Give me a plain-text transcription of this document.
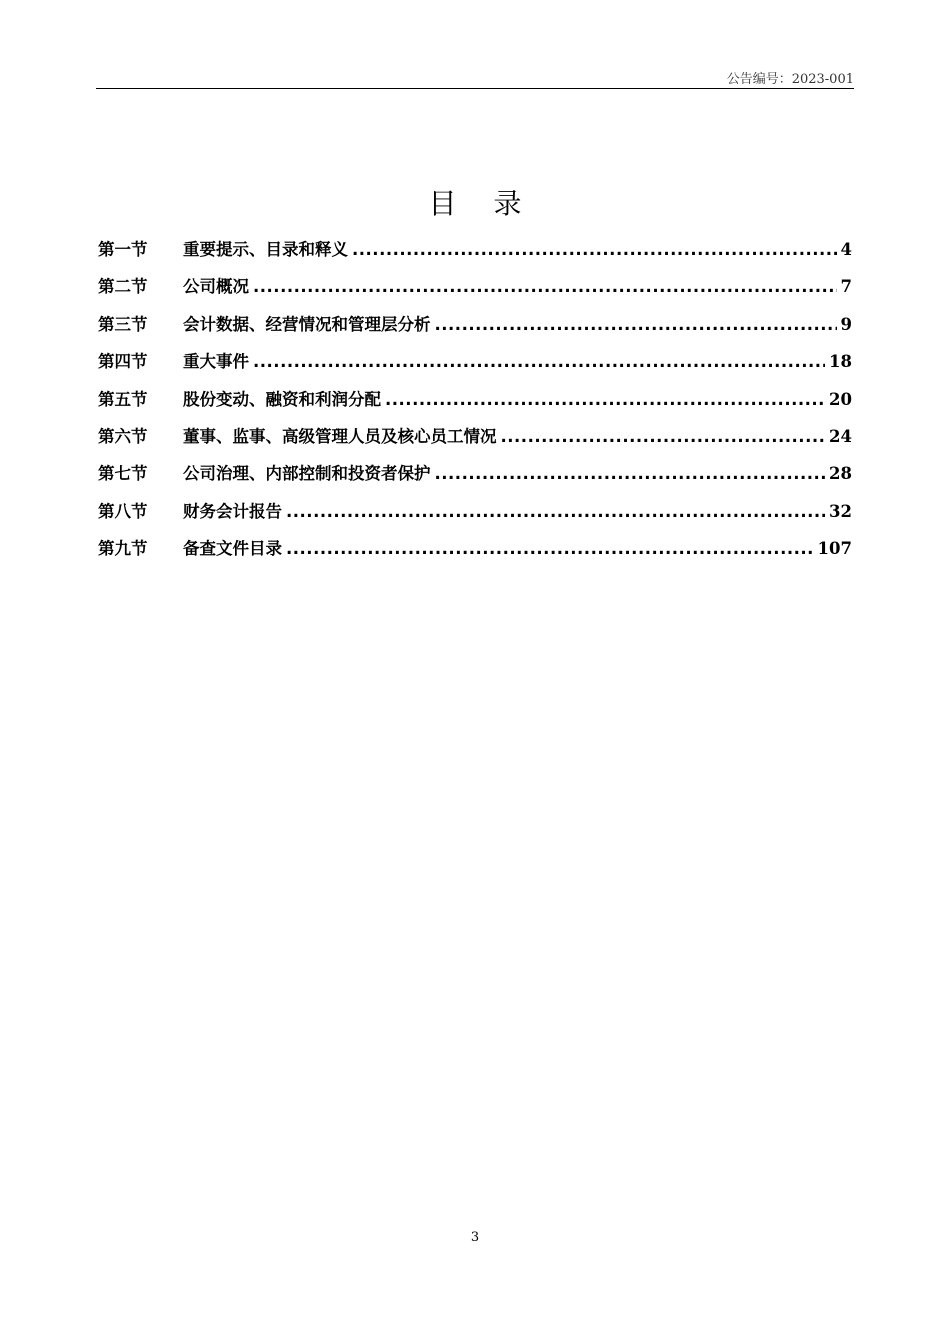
公告编号：2023-001
目 录
第一节	重要提示、目录和释义 .....	4
第二节	公司概况 .....	7
第三节	会计数据、经营情况和管理层分析 .....	9
第四节	重大事件 .....	18
第五节	股份变动、融资和利润分配 .....	20
第六节	董事、监事、高级管理人员及核心员工情况 .....	24
第七节	公司治理、内部控制和投资者保护 .....	28
第八节	财务会计报告 .....	32
第九节	备查文件目录 .....	107
3
